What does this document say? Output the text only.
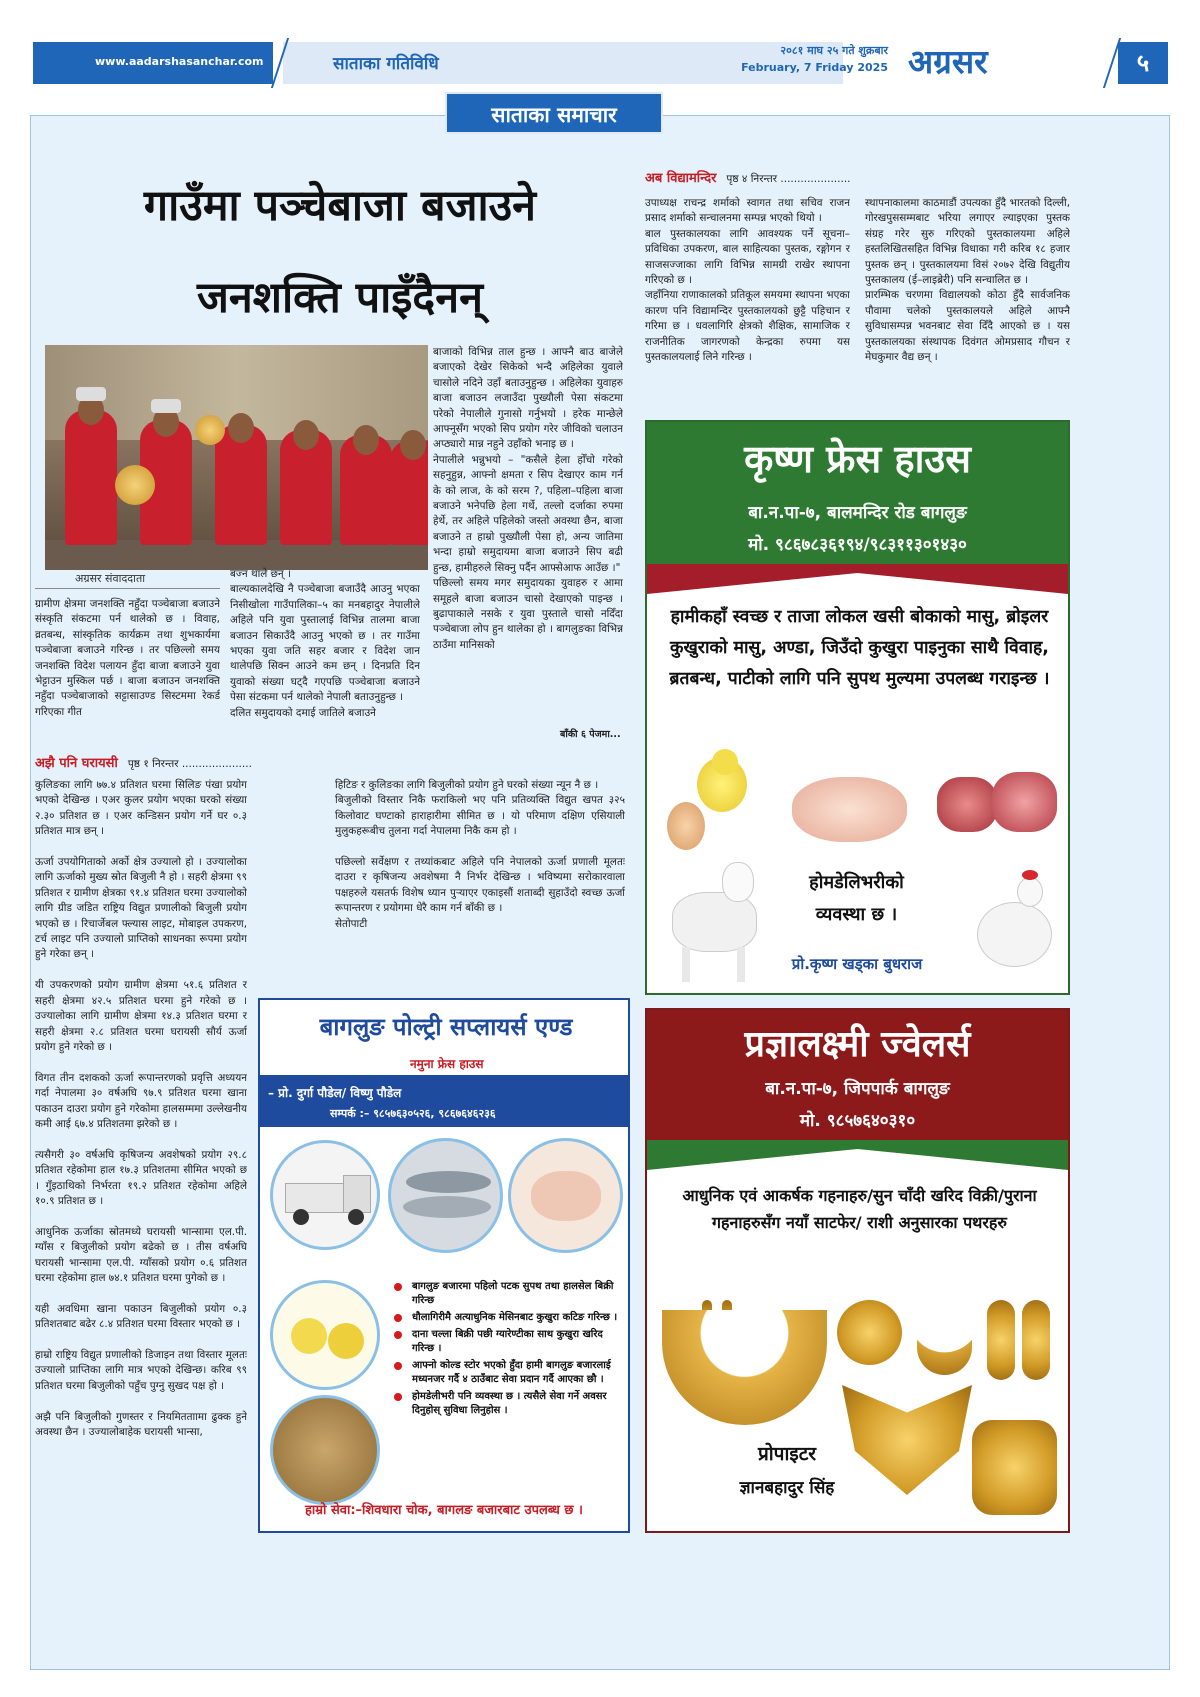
www.aadarshasanchar.com	साताका गतिविधि
२०८१ माघ २५ गते शुक्रबार
February, 7 Friday 2025 अग्रसर	५
साताका समाचार
गाउँमा पञ्चेबाजा बजाउने
जनशक्ति पाइँदैनन्
अग्रसर संवाददाता
ग्रामीण क्षेत्रमा जनशक्ति नहुँदा पञ्चेबाजा बजाउने संस्कृति संकटमा पर्न थालेको छ । विवाह, व्रतबन्ध, सांस्कृतिक कार्यक्रम तथा शुभकार्यमा पञ्चेबाजा बजाउने गरिन्छ । तर पछिल्लो समय जनशक्ति विदेश पलायन हुँदा बाजा बजाउने युवा भेट्टाउन मुस्किल पर्छ । बाजा बजाउन जनशक्ति नहुँदा पञ्चेबाजाको सट्टासाउण्ड सिस्टममा रेकर्ड गरिएका गीत
बज्न थाले छन् ।
बाल्यकालदेखि नै पञ्चेबाजा बजाउँदै आउनु भएका निसीखोला गाउँपालिका–५ का मनबहादुर नेपालीले अहिले पनि युवा पुस्तालाई विभिन्न तालमा बाजा बजाउन सिकाउँदै आउनु भएको छ । तर गाउँमा भएका युवा जति सहर बजार र विदेश जान थालेपछि सिक्न आउने कम छन् । दिनप्रति दिन युवाको संख्या घट्दै गएपछि पञ्चेबाजा बजाउने पेसा संटकमा पर्न थालेको नेपाली बताउनुहुन्छ ।
दलित समुदायको दमाई जातिले बजाउने
बाजाको विभिन्न ताल हुन्छ । आफ्नै बाउ बाजेले बजाएको देखेर सिकेको भन्दै अहिलेका युवाले चासोले नदिने उहाँ बताउनुहुन्छ । अहिलेका युवाहरु बाजा बजाउन लजाउँदा पुख्यौली पेसा संकटमा परेको नेपालीले गुनासो गर्नुभयो । हरेक मान्छेले आफ्नूसँग भएको सिप प्रयोग गरेर जीविको चलाउन अप्ठ्यारो मान्न नहुने उहाँको भनाइ छ ।
नेपालीले भन्नुभयो – "कसैले हेला होँचो गरेको सहनुहुन्न, आफ्नो क्षमता र सिप देखाएर काम गर्न के को लाज, के को सरम ?, पहिला–पहिला बाजा बजाउने भनेपछि हेला गर्थे, तल्लो दर्जाका रुपमा हेर्थे, तर अहिले पहिलेको जस्तो अवस्था छैन, बाजा बजाउने त हाम्रो पुख्यौली पेसा हो, अन्य जातिमा भन्दा हाम्रो समुदायमा बाजा बजाउने सिप बढी हुन्छ, हामीहरुले सिक्नु पर्दैन आफ्सेआफ आउँछ ।"
पछिल्लो समय मगर समुदायका युवाहरु र आमा समूहले बाजा बजाउन चासो देखाएको पाइन्छ । बुढापाकाले नसके र युवा पुस्ताले चासो नदिँदा पञ्चेबाजा लोप हुन थालेका हो । बागलुङका विभिन्न ठाउँमा मानिसको
बाँकी ६ पेजमा...
अब विद्यामन्दिर पृष्ठ ४ निरन्तर .....................
उपाध्यक्ष राचन्द्र शर्माको स्वागत तथा सचिव राजन प्रसाद शर्माको सन्चालनमा सम्पन्न भएको थियो ।
बाल पुस्तकालयका लागि आवश्यक पर्ने सूचना–प्रविधिका उपकरण, बाल साहित्यका पुस्तक, रङ्गोगन र साजसज्जाका लागि विभिन्न सामग्री राखेर स्थापना गरिएको छ ।
जहाँनिया राणाकालको प्रतिकूल समयमा स्थापना भएका कारण पनि विद्यामन्दिर पुस्तकालयको छुट्टै पहिचान र गरिमा छ । धवलागिरि क्षेत्रको शैक्षिक, सामाजिक र राजनीतिक जागरणको केन्द्रका रुपमा यस पुस्तकालयलाई लिने गरिन्छ ।
स्थापनाकालमा काठमाडौं उपत्यका हुँदै भारतको दिल्ली, गोरखपुससम्मबाट भरिया लगाएर ल्याइएका पुस्तक संग्रह गरेर सुरु गरिएको पुस्तकालयमा अहिले हस्तलिखितसहित विभिन्न विधाका गरी करिब १८ हजार पुस्तक छन् । पुस्तकालयमा विसं २०७२ देखि विद्युतीय पुस्तकालय (ई–लाइब्रेरी) पनि सन्चालित छ ।
प्रारम्भिक चरणमा विद्यालयको कोठा हुँदै सार्वजनिक पौवामा चलेको पुस्तकालयले अहिले आफ्नै सुविधासम्पन्न भवनबाट सेवा दिँदै आएको छ । यस पुस्तकालयका संस्थापक दिवंगत ओमप्रसाद गौचन र मेघकुमार वैद्य छन् ।
अझै पनि घरायसी पृष्ठ १ निरन्तर .....................
कुलिङका लागि ७७.४ प्रतिशत घरमा सिलिङ पंखा प्रयोग भएको देखिन्छ । एअर कुलर प्रयोग भएका घरको संख्या २.३० प्रतिशत छ । एअर कन्डिसन प्रयोग गर्ने घर ०.३ प्रतिशत मात्र छन् ।

ऊर्जा उपयोगिताको अर्को क्षेत्र उज्यालो हो । उज्यालोका लागि ऊर्जाको मुख्य स्रोत बिजुली नै हो । सहरी क्षेत्रमा ९९ प्रतिशत र ग्रामीण क्षेत्रका ९१.४ प्रतिशत घरमा उज्यालोको लागि ग्रीड जडित राष्ट्रिय विद्युत प्रणालीको बिजुली प्रयोग भएको छ । रिचार्जेबल फ्ल्यास लाइट, मोबाइल उपकरण, टर्च लाइट पनि उज्यालो प्राप्तिको साधनका रूपमा प्रयोग हुने गरेका छन् ।

यी उपकरणको प्रयोग ग्रामीण क्षेत्रमा ५१.६ प्रतिशत र सहरी क्षेत्रमा ४२.५ प्रतिशत घरमा हुने गरेको छ । उज्यालोका लागि ग्रामीण क्षेत्रमा १४.३ प्रतिशत घरमा र सहरी क्षेत्रमा २.८ प्रतिशत घरमा घरायसी सौर्य ऊर्जा प्रयोग हुने गरेको छ ।

विगत तीन दशकको ऊर्जा रूपान्तरणको प्रवृत्ति अध्ययन गर्दा नेपालमा ३० वर्षअघि ९७.९ प्रतिशत घरमा खाना पकाउन दाउरा प्रयोग हुने गरेकोमा हालसम्ममा उल्लेखनीय कमी आई ६७.४ प्रतिशतमा झरेको छ ।

त्यसैगरी ३० वर्षअघि कृषिजन्य अवशेषको प्रयोग २९.८ प्रतिशत रहेकोमा हाल १७.३ प्रतिशतमा सीमित भएको छ । गुँइठाथिको निर्भरता १९.२ प्रतिशत रहेकोमा अहिले १०.९ प्रतिशत छ ।

आधुनिक ऊर्जाका स्रोतमध्ये घरायसी भान्सामा एल.पी. ग्याँस र बिजुलीको प्रयोग बढेको छ । तीस वर्षअघि घरायसी भान्सामा एल.पी. ग्याँसको प्रयोग ०.६ प्रतिशत घरमा रहेकोमा हाल ७४.१ प्रतिशत घरमा पुगेको छ ।

यही अवधिमा खाना पकाउन बिजुलीको प्रयोग ०.३ प्रतिशतबाट बढेर ८.४ प्रतिशत घरमा विस्तार भएको छ ।

हाम्रो राष्ट्रिय विद्युत प्रणालीको डिजाइन तथा विस्तार मूलतः उज्यालो प्राप्तिका लागि मात्र भएको देखिन्छ। करिब ९९ प्रतिशत घरमा बिजुलीको पहुँच पुग्नु सुखद पक्ष हो ।

अझै पनि बिजुलीको गुणस्तर र नियमितताामा ढुक्क हुने अवस्था छैन । उज्यालोबाहेक घरायसी भान्सा,
हिटिङ र कुलिङका लागि बिजुलीको प्रयोग हुने घरको संख्या न्यून नै छ ।
बिजुलीको विस्तार निकै फराकिलो भए पनि प्रतिव्यक्ति विद्युत खपत ३२५ किलोवाट घण्टाको हाराहारीमा सीमित छ । यो परिमाण दक्षिण एसियाली मुलुकहरूबीच तुलना गर्दा नेपालमा निकै कम हो ।

पछिल्लो सर्वेक्षण र तथ्यांकबाट अहिले पनि नेपालको ऊर्जा प्रणाली मूलतः दाउरा र कृषिजन्य अवशेषमा नै निर्भर देखिन्छ । भविष्यमा सरोकारवाला पक्षहरुले यसतर्फ विशेष ध्यान पुर्‍याएर एकाइसौं शताब्दी सुहाउँदो स्वच्छ ऊर्जा रूपान्तरण र प्रयोगमा धेरै काम गर्न बाँकी छ ।
सेतोपाटी
कृष्ण फ्रेस हाउस
बा.न.पा-७, बालमन्दिर रोड बागलुङ
मो. ९८६७८३६१९४/९८३११३०१४३०
हामीकहाँ स्वच्छ र ताजा लोकल खसी बोकाको मासु, ब्रोइलर कुखुराको मासु, अण्डा, जिउँदो कुखुरा पाइनुका साथै विवाह, ब्रतबन्ध, पाटीको लागि पनि सुपथ मुल्यमा उपलब्ध गराइन्छ ।
होमडेलिभरीको
व्यवस्था छ ।
प्रो.कृष्ण खड्का बुधराज
बागलुङ पोल्ट्री सप्लायर्स एण्ड
नमुना फ्रेस हाउस
– प्रो. दुर्गा पौडेल/ विष्णु पौडेल
सम्पर्क :– ९८५७६३०५२६, ९८६७६४६२३६
बागलुङ बजारमा पहिलो पटक सुपथ तथा हालसेल बिक्री गरिन्छ
धौलागिरीमै अत्याधुनिक मेसिनबाट कुखुरा कटिङ गरिन्छ ।
दाना चल्ला बिक्री पछी ग्यारेण्टीका साथ कुखुरा खरिद गरिन्छ ।
आफ्नो कोल्ड स्टोर भएको हुँदा हामी बागलुङ बजारलाई मध्यनजर गर्दै ४ ठाउँबाट सेवा प्रदान गर्दै आएका छौ ।
होमडेलीभरी पनि व्यवस्था छ । त्यसैले सेवा गर्ने अवसर दिनुहोस् सुविधा लिनुहोस ।
हाम्रो सेवा:–शिवधारा चोक, बागलङ बजारबाट उपलब्ध छ ।
प्रज्ञालक्ष्मी ज्वेलर्स
बा.न.पा-७, जिपपार्क बागलुङ
मो. ९८५७६४०३१०
आधुनिक एवं आकर्षक गहनाहरु/सुन चाँदी खरिद विक्री/पुराना गहनाहरुसँग नयाँ साटफेर/ राशी अनुसारका पथरहरु
प्रोपाइटर
ज्ञानबहादुर सिंह
